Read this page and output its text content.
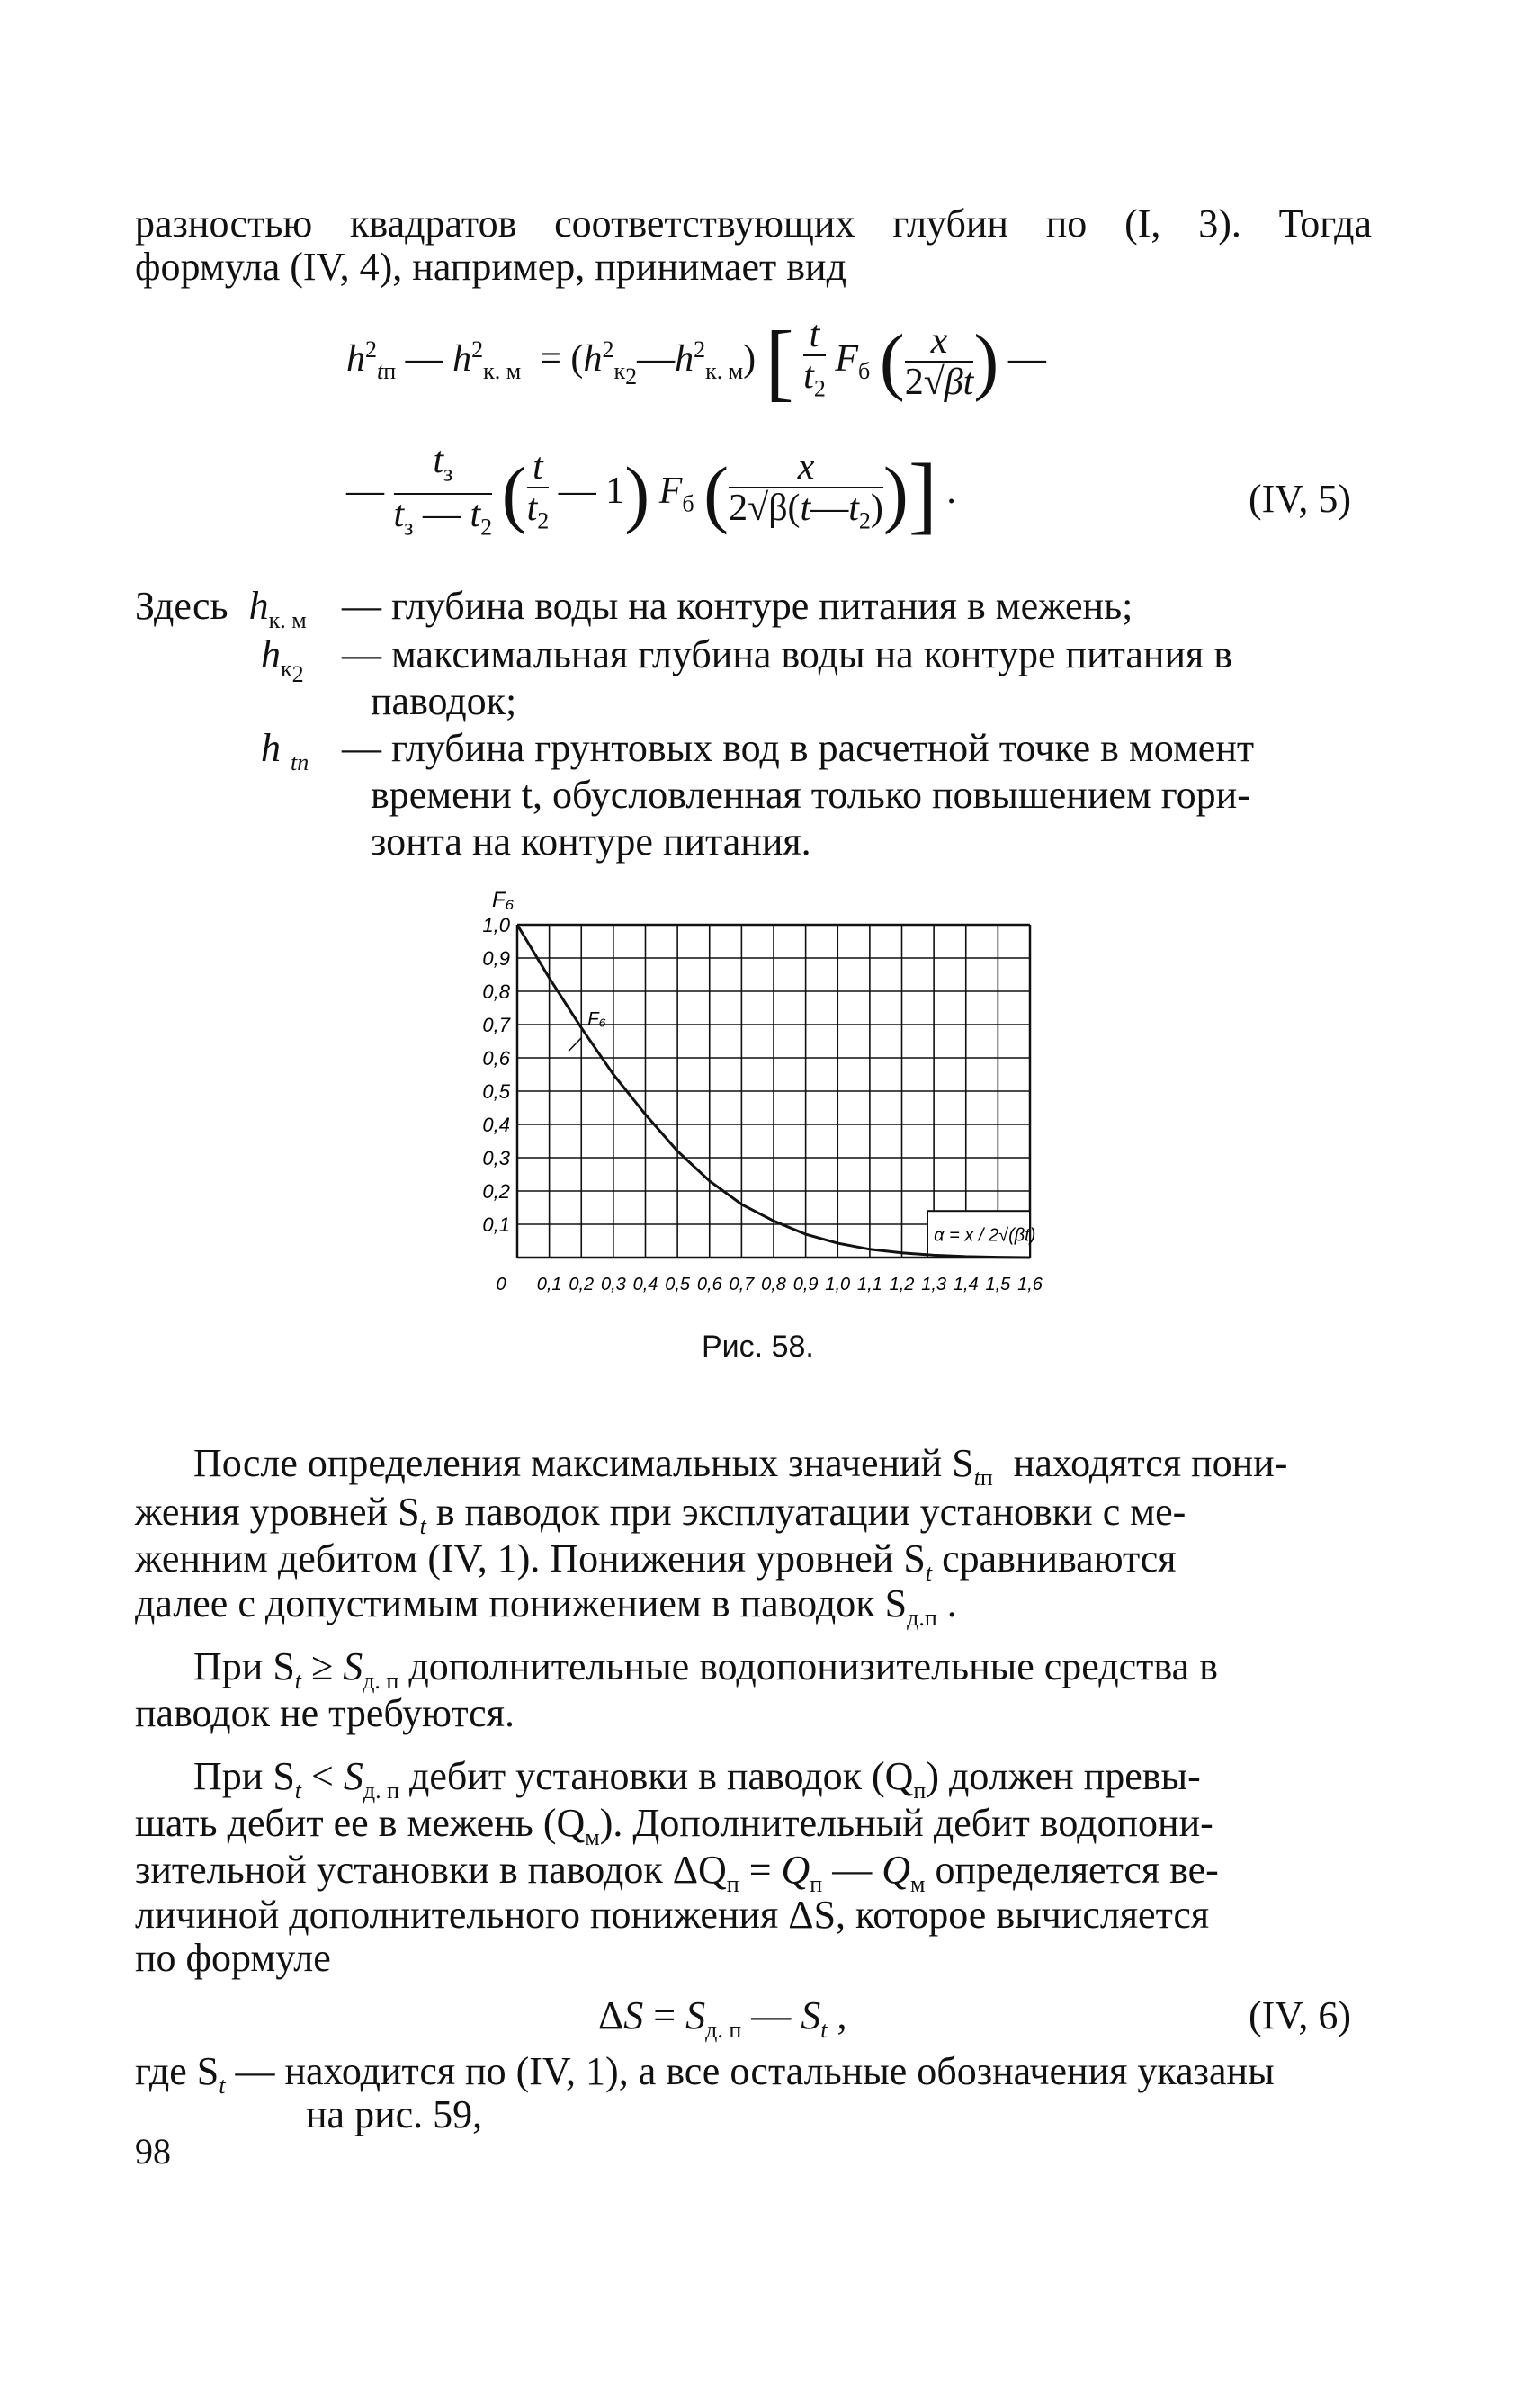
разностью квадратов соответствующих глубин по (I, 3). Тогда
формула (IV, 4), например, принимает вид
$h^2_{tп}$ — $h^2_{к. м}$  = $(h^2_{к_2}—h^2_{к. м})$ [ $\frac{t}{t_2} F_б$ ( $\frac{x}{2√\beta t}$ ) —
— $\frac{t_з}{t_з — t_2}$ ( $\frac{t}{t_2}$ — 1) $F_б$ ( $\frac{x}{2√\beta(t—t_2)}$ )] .	(IV, 5)
Здесь $h_{к. м}$ — глубина воды на контуре питания в межень;
$h_{к_2}$ — максимальная глубина воды на контуре питания в
паводок;
h $_{tп}$ — глубина грунтовых вод в расчетной точке в момент
времени t, обусловленная только повышением гори-
зонта на контуре питания.
α = x / 2√(βt)
F₆
F₆
1,0
0,9
0,8
0,7
0,6
0,5
0,4
0,3
0,2
0,1
0 0,1 0,2 0,3 0,4 0,5 0,6 0,7 0,8 0,9 1,0 1,1 1,2 1,3 1,4 1,5 1,6
Рис. 58.
После определения максимальных значений $S_{tп}$ находятся пони-
жения уровней $S_t$ в паводок при эксплуатации установки с ме-
женним дебитом (IV, 1). Понижения уровней $S_t$ сравниваются
далее с допустимым понижением в паводок $S_{д.п}$ .
При $S_t \ge S_{д. п}$ дополнительные водопонизительные средства в
паводок не требуются.
При $S_t < S_{д. п}$ дебит установки в паводок $(Q_п)$ должен превы-
шать дебит ее в межень $(Q_м)$. Дополнительный дебит водопони-
зительной установки в паводок $\Delta Q_п = Q_п$ — $Q_м$ определяется ве-
личиной дополнительного понижения ΔS, которое вычисляется
по формуле
$\Delta S = S_{д. п}$ — $S_t$ ,	(IV, 6)
где $S_t$ — находится по (IV, 1), а все остальные обозначения указаны
на рис. 59,
98
